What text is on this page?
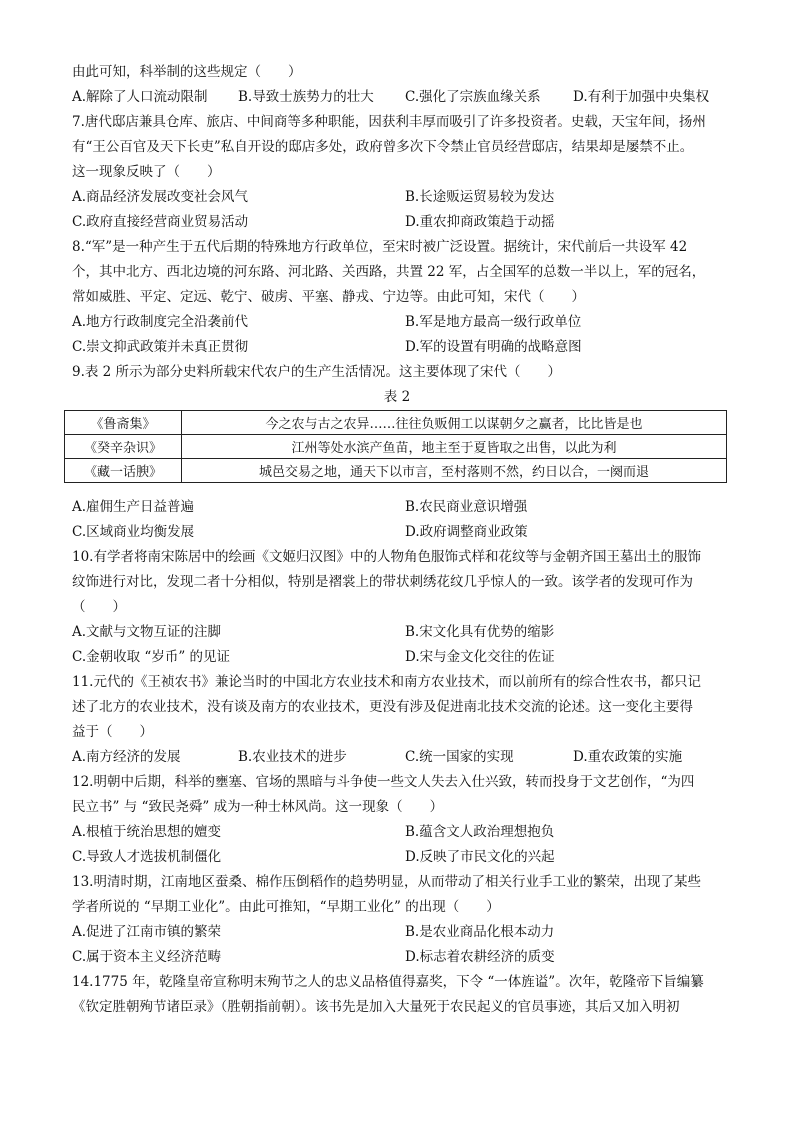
由此可知，科举制的这些规定（　　）
A.解除了人口流动限制 B.导致士族势力的壮大 C.强化了宗族血缘关系 D.有利于加强中央集权
7.唐代邸店兼具仓库、旅店、中间商等多种职能，因获利丰厚而吸引了许多投资者。史载，天宝年间，扬州
有“王公百官及天下长吏”私自开设的邸店多处，政府曾多次下令禁止官员经营邸店，结果却是屡禁不止。
这一现象反映了（　　）
A.商品经济发展改变社会风气	B.长途贩运贸易较为发达
C.政府直接经营商业贸易活动	D.重农抑商政策趋于动摇
8.“军”是一种产生于五代后期的特殊地方行政单位，至宋时被广泛设置。据统计，宋代前后一共设军 42
个，其中北方、西北边境的河东路、河北路、关西路，共置 22 军，占全国军的总数一半以上，军的冠名，
常如威胜、平定、定远、乾宁、破虏、平塞、静戎、宁边等。由此可知，宋代（　　）
A.地方行政制度完全沿袭前代	B.军是地方最高一级行政单位
C.崇文抑武政策并未真正贯彻	D.军的设置有明确的战略意图
9.表 2 所示为部分史料所载宋代农户的生产生活情况。这主要体现了宋代（　　）
表 2
《鲁斋集》	今之农与古之农异……往往负贩佣工以谋朝夕之赢者，比比皆是也
《癸辛杂识》	江州等处水滨产鱼苗，地主至于夏皆取之出售，以此为利
《藏一话腴》	城邑交易之地，通天下以市言，至村落则不然，约日以合，一阕而退
A.雇佣生产日益普遍	B.农民商业意识增强
C.区域商业均衡发展	D.政府调整商业政策
10.有学者将南宋陈居中的绘画《文姬归汉图》中的人物角色服饰式样和花纹等与金朝齐国王墓出土的服饰
纹饰进行对比，发现二者十分相似，特别是褶裳上的带状刺绣花纹几乎惊人的一致。该学者的发现可作为
（　　）
A.文献与文物互证的注脚	B.宋文化具有优势的缩影
C.金朝收取 “岁币” 的见证	D.宋与金文化交往的佐证
11.元代的《王祯农书》兼论当时的中国北方农业技术和南方农业技术，而以前所有的综合性农书，都只记
述了北方的农业技术，没有谈及南方的农业技术，更没有涉及促进南北技术交流的论述。这一变化主要得
益于（　　）
A.南方经济的发展	B.农业技术的进步	C.统一国家的实现	D.重农政策的实施
12.明朝中后期，科举的壅塞、官场的黑暗与斗争使一些文人失去入仕兴致，转而投身于文艺创作，“为四
民立书” 与 “致民尧舜” 成为一种士林风尚。这一现象（　　）
A.根植于统治思想的嬗变	B.蕴含文人政治理想抱负
C.导致人才选拔机制僵化	D.反映了市民文化的兴起
13.明清时期，江南地区蚕桑、棉作压倒稻作的趋势明显，从而带动了相关行业手工业的繁荣，出现了某些
学者所说的 “早期工业化”。由此可推知，“早期工业化” 的出现（　　）
A.促进了江南市镇的繁荣	B.是农业商品化根本动力
C.属于资本主义经济范畴	D.标志着农耕经济的质变
14.1775 年，乾隆皇帝宣称明末殉节之人的忠义品格值得嘉奖，下令 “一体旌谥”。次年，乾隆帝下旨编纂
《钦定胜朝殉节诸臣录》（胜朝指前朝）。该书先是加入大量死于农民起义的官员事迹，其后又加入明初
